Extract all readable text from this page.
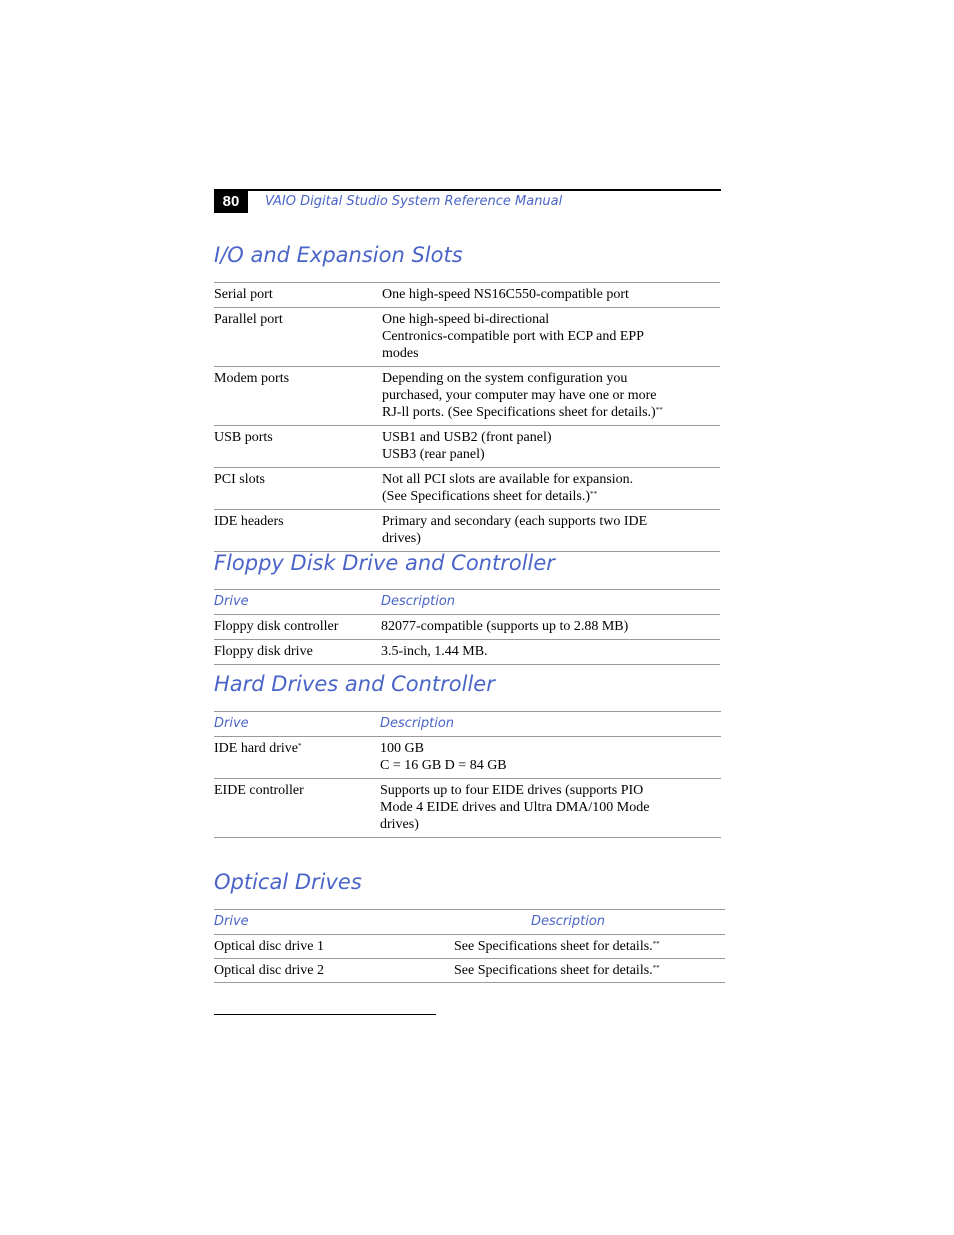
80	VAIO Digital Studio System Reference Manual
I/O and Expansion Slots
Serial port	One high-speed NS16C550-compatible port
Parallel port	One high-speed bi-directional
Centronics-compatible port with ECP and EPP
modes
Modem ports	Depending on the system configuration you
purchased, your computer may have one or more
RJ-ll ports. (See Specifications sheet for details.)**
USB ports	USB1 and USB2 (front panel)
USB3 (rear panel)
PCI slots	Not all PCI slots are available for expansion.
(See Specifications sheet for details.)**
IDE headers	Primary and secondary (each supports two IDE
drives)
Floppy Disk Drive and Controller
Drive	Description
Floppy disk controller	82077-compatible (supports up to 2.88 MB)
Floppy disk drive	3.5-inch, 1.44 MB.
Hard Drives and Controller
Drive	Description
IDE hard drive*	100 GB
C = 16 GB D = 84 GB
EIDE controller	Supports up to four EIDE drives (supports PIO
Mode 4 EIDE drives and Ultra DMA/100 Mode
drives)
Optical Drives
Drive	Description
Optical disc drive 1	See Specifications sheet for details.**
Optical disc drive 2	See Specifications sheet for details.**
